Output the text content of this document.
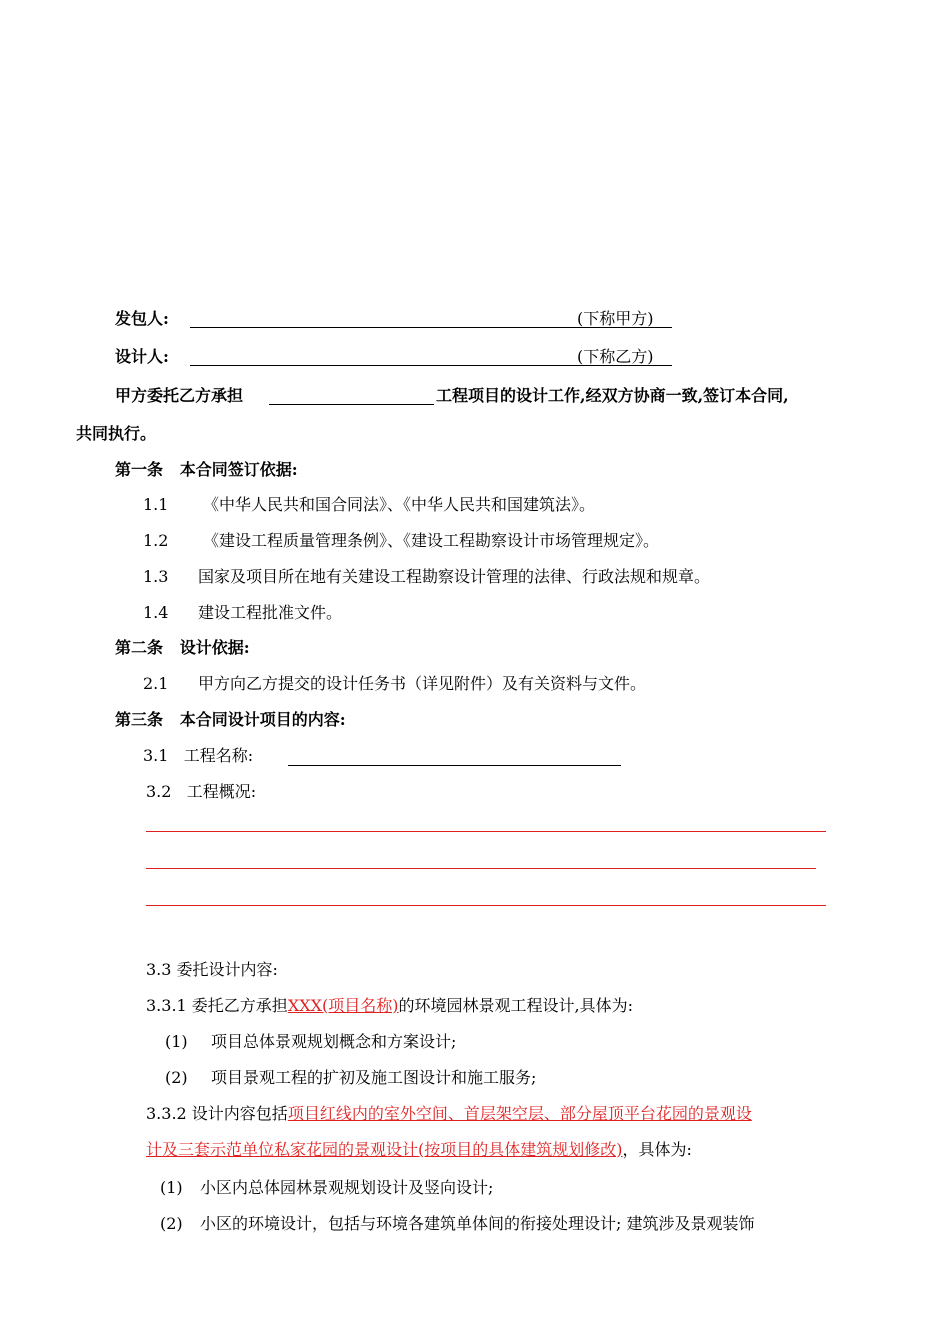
发包人:	(下称甲方)
设计人:	(下称乙方)
甲方委托乙方承担	工程项目的设计工作,经双方协商一致,签订本合同,
共同执行。
第一条   本合同签订依据:
1.1 《中华人民共和国合同法》、《中华人民共和国建筑法》。
1.2 《建设工程质量管理条例》、《建设工程勘察设计市场管理规定》。
1.3 国家及项目所在地有关建设工程勘察设计管理的法律、行政法规和规章。
1.4 建设工程批准文件。
第二条   设计依据:
2.1 甲方向乙方提交的设计任务书（详见附件）及有关资料与文件。
第三条   本合同设计项目的内容:
3.1   工程名称:
3.2   工程概况:
3.3 委托设计内容:
3.3.1 委托乙方承担XXX(项目名称)的环境园林景观工程设计,具体为:
(1) 项目总体景观规划概念和方案设计;
(2) 项目景观工程的扩初及施工图设计和施工服务;
3.3.2 设计内容包括项目红线内的室外空间、首层架空层、部分屋顶平台花园的景观设
计及三套示范单位私家花园的景观设计(按项目的具体建筑规划修改)，具体为:
(1) 小区内总体园林景观规划设计及竖向设计;
(2) 小区的环境设计，包括与环境各建筑单体间的衔接处理设计; 建筑涉及景观装饰
